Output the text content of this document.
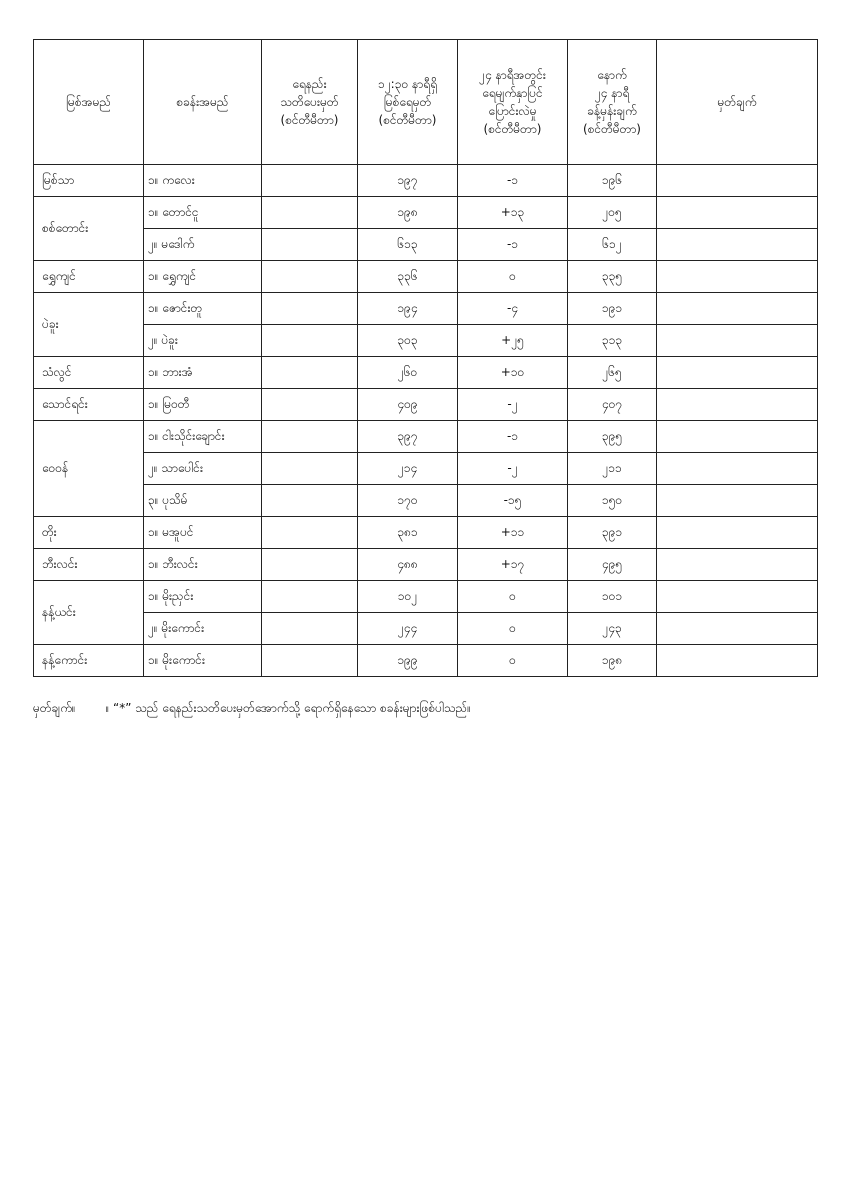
မြစ်အမည်	စခန်းအမည်	ရေနည်း
သတိပေးမှတ်
(စင်တီမီတာ)	၁၂:၃၀ နာရီရှိ
မြစ်ရေမှတ်
(စင်တီမီတာ)	၂၄ နာရီအတွင်း
ရေမျက်နှာပြင်
ပြောင်းလဲမှု
(စင်တီမီတာ)	နောက်
၂၄ နာရီ
ခန့်မှန်းချက်
(စင်တီမီတာ)	မှတ်ချက်
မြစ်သာ	၁။ ကလေး		၁၉၇	-၁	၁၉၆	
စစ်တောင်း	၁။ တောင်ငူ		၁၉၈	+၁၃	၂၀၅	
	၂။ မဒေါက်		၆၁၃	-၁	၆၁၂	
ရွှေကျင်	၁။ ရွှေကျင်		၃၃၆	၀	၃၃၅	
ပဲခူး	၁။ ဇောင်းတူ		၁၉၄	-၄	၁၉၁	
	၂။ ပဲခူး		၃၀၃	+၂၅	၃၁၃	
သံလွင်	၁။ ဘားအံ		၂၆၀	+၁၀	၂၆၅	
သောင်ရင်း	၁။ မြဝတီ		၄၀၉	-၂	၄၀၇	
ဝေ၀န်	၁။ ငါးသိုင်းချောင်း		၃၉၇	-၁	၃၉၅	
	၂။ သာပေါင်း		၂၁၄	-၂	၂၁၁	
	၃။ ပုသိမ်		၁၇၀	-၁၅	၁၅၀	
တိုး	၁။ မအူပင်		၃၈၁	+၁၁	၃၉၁	
ဘီးလင်း	၁။ ဘီးလင်း		၄၈၈	+၁၇	၄၉၅	
နန့်ယင်း	၁။ မိုးညှင်း		၁၀၂	၀	၁၀၁	
	၂။ မိုးကောင်း		၂၄၄	၀	၂၄၃	
နန့်ကောင်း	၁။ မိုးကောင်း		၁၉၉	၀	၁၉၈	
မှတ်ချက်။	။ “*” သည် ရေနည်းသတိပေးမှတ်အောက်သို့ ရောက်ရှိနေသော စခန်းများဖြစ်ပါသည်။
